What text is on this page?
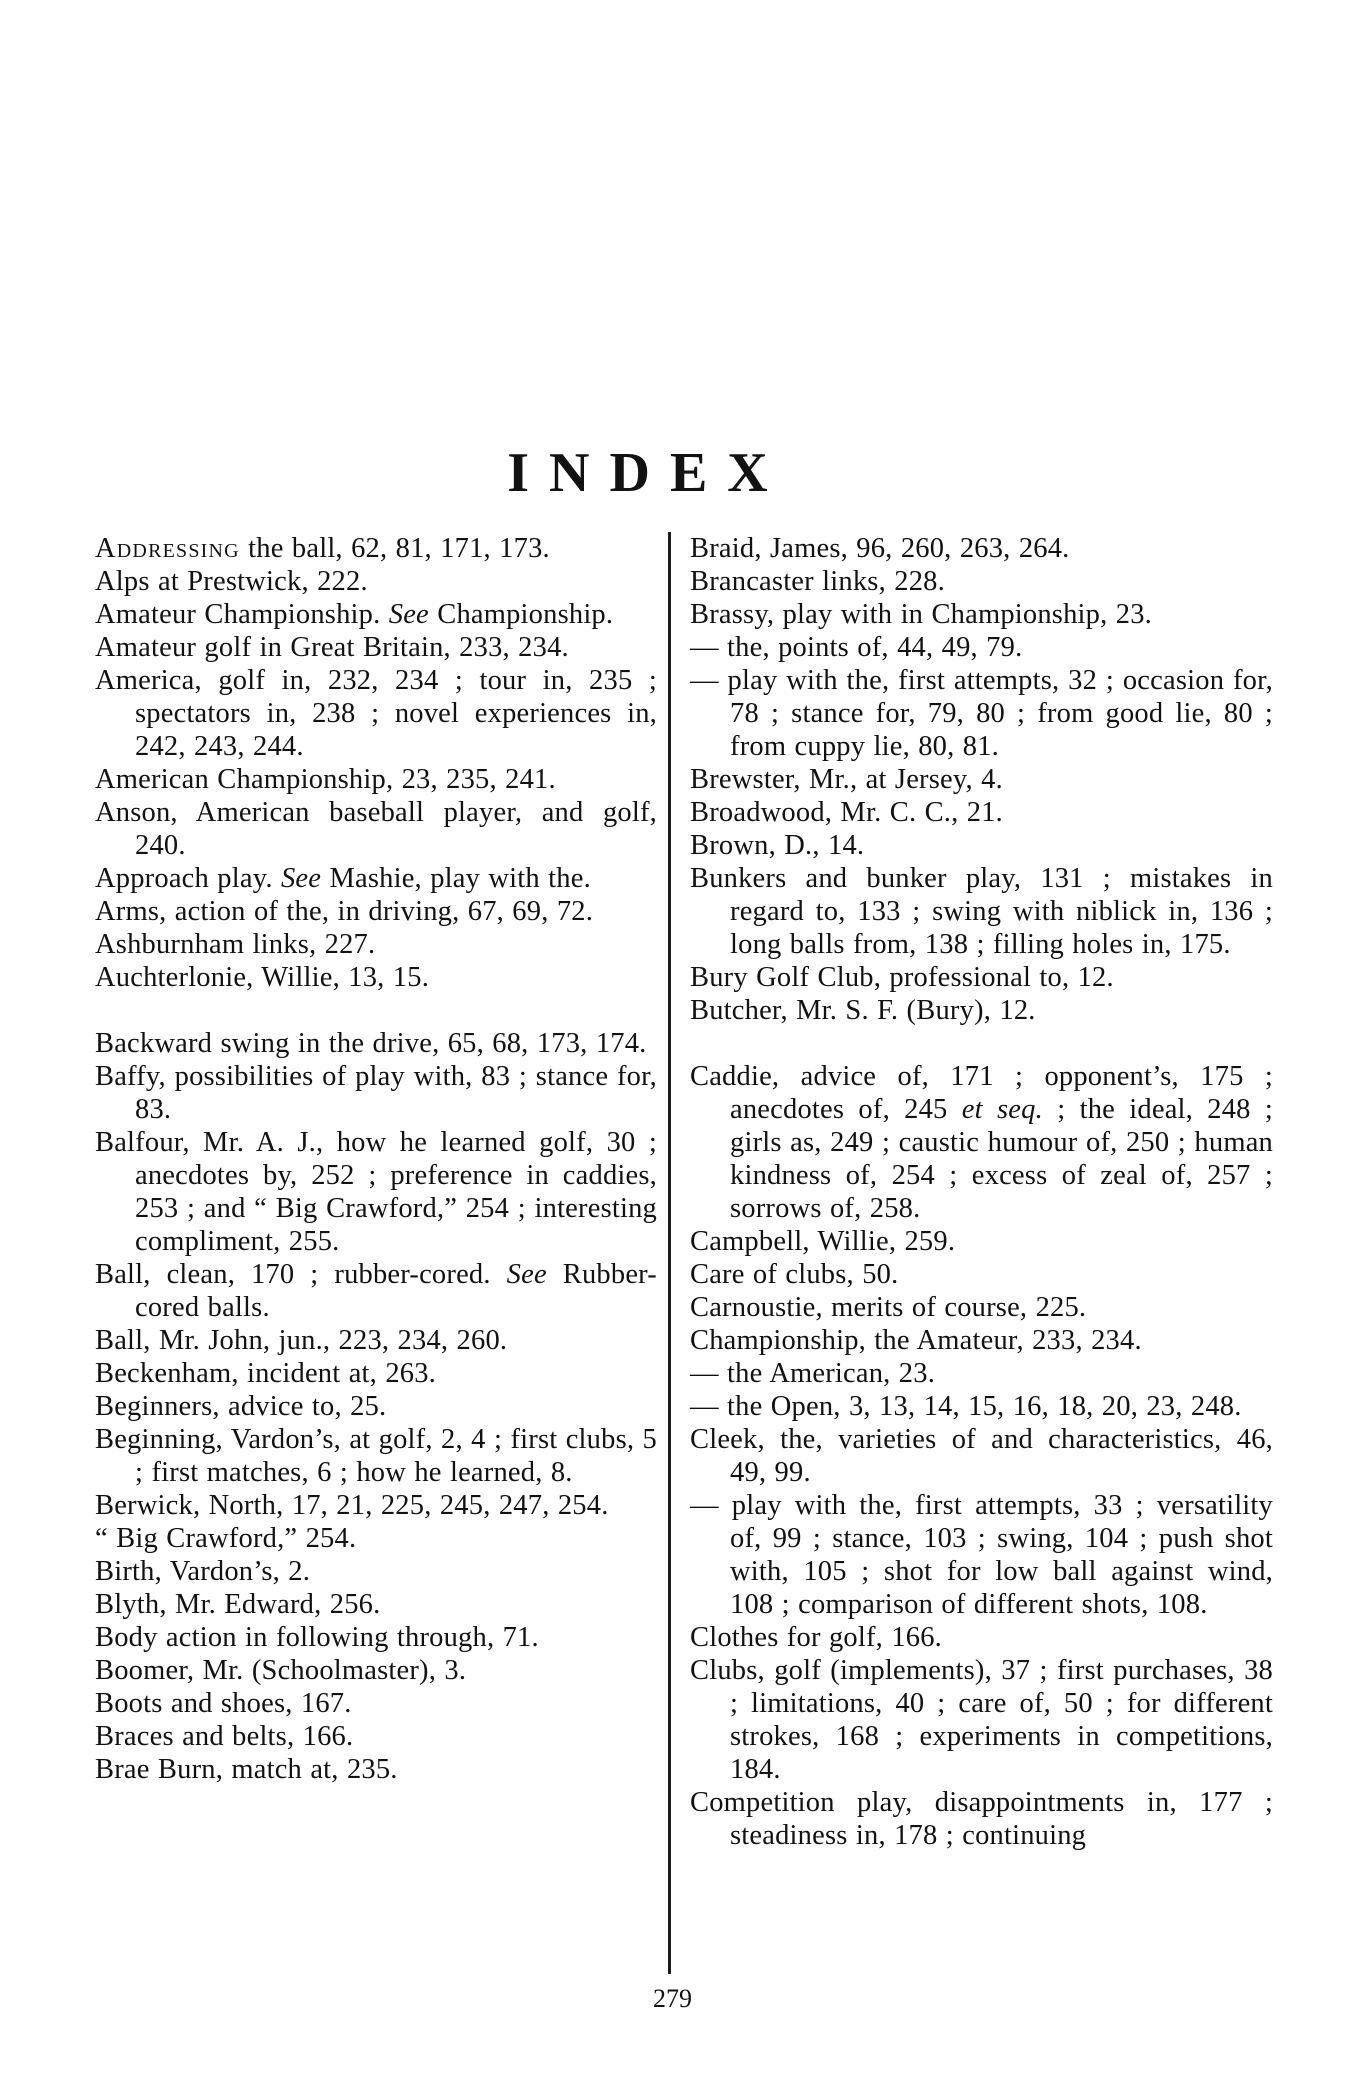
INDEX

Addressing the ball, 62, 81, 171, 173.

Alps at Prestwick, 222.

Amateur Championship. See Championship.

Amateur golf in Great Britain, 233, 234.

America, golf in, 232, 234 ; tour in, 235 ; spectators in, 238 ; novel experiences in, 242, 243, 244.

American Championship, 23, 235, 241.

Anson, American baseball player, and golf, 240.

Approach play. See Mashie, play with the.

Arms, action of the, in driving, 67, 69, 72.

Ashburnham links, 227.

Auchterlonie, Willie, 13, 15.

Backward swing in the drive, 65, 68, 173, 174.

Baffy, possibilities of play with, 83 ; stance for, 83.

Balfour, Mr. A. J., how he learned golf, 30 ; anecdotes by, 252 ; preference in caddies, 253 ; and “ Big Crawford,” 254 ; interesting compliment, 255.

Ball, clean, 170 ; rubber-cored. See Rubber-cored balls.

Ball, Mr. John, jun., 223, 234, 260.

Beckenham, incident at, 263.

Beginners, advice to, 25.

Beginning, Vardon’s, at golf, 2, 4 ; first clubs, 5 ; first matches, 6 ; how he learned, 8.

Berwick, North, 17, 21, 225, 245, 247, 254.

“ Big Crawford,” 254.

Birth, Vardon’s, 2.

Blyth, Mr. Edward, 256.

Body action in following through, 71.

Boomer, Mr. (Schoolmaster), 3.

Boots and shoes, 167.

Braces and belts, 166.

Brae Burn, match at, 235.

Braid, James, 96, 260, 263, 264.

Brancaster links, 228.

Brassy, play with in Championship, 23.

— the, points of, 44, 49, 79.

— play with the, first attempts, 32 ; occasion for, 78 ; stance for, 79, 80 ; from good lie, 80 ; from cuppy lie, 80, 81.

Brewster, Mr., at Jersey, 4.

Broadwood, Mr. C. C., 21.

Brown, D., 14.

Bunkers and bunker play, 131 ; mistakes in regard to, 133 ; swing with niblick in, 136 ; long balls from, 138 ; filling holes in, 175.

Bury Golf Club, professional to, 12.

Butcher, Mr. S. F. (Bury), 12.

Caddie, advice of, 171 ; opponent’s, 175 ; anecdotes of, 245 et seq. ; the ideal, 248 ; girls as, 249 ; caustic humour of, 250 ; human kindness of, 254 ; excess of zeal of, 257 ; sorrows of, 258.

Campbell, Willie, 259.

Care of clubs, 50.

Carnoustie, merits of course, 225.

Championship, the Amateur, 233, 234.

— the American, 23.

— the Open, 3, 13, 14, 15, 16, 18, 20, 23, 248.

Cleek, the, varieties of and characteristics, 46, 49, 99.

— play with the, first attempts, 33 ; versatility of, 99 ; stance, 103 ; swing, 104 ; push shot with, 105 ; shot for low ball against wind, 108 ; comparison of different shots, 108.

Clothes for golf, 166.

Clubs, golf (implements), 37 ; first purchases, 38 ; limitations, 40 ; care of, 50 ; for different strokes, 168 ; experiments in competitions, 184.

Competition play, disappointments in, 177 ; steadiness in, 178 ; continuing

279
